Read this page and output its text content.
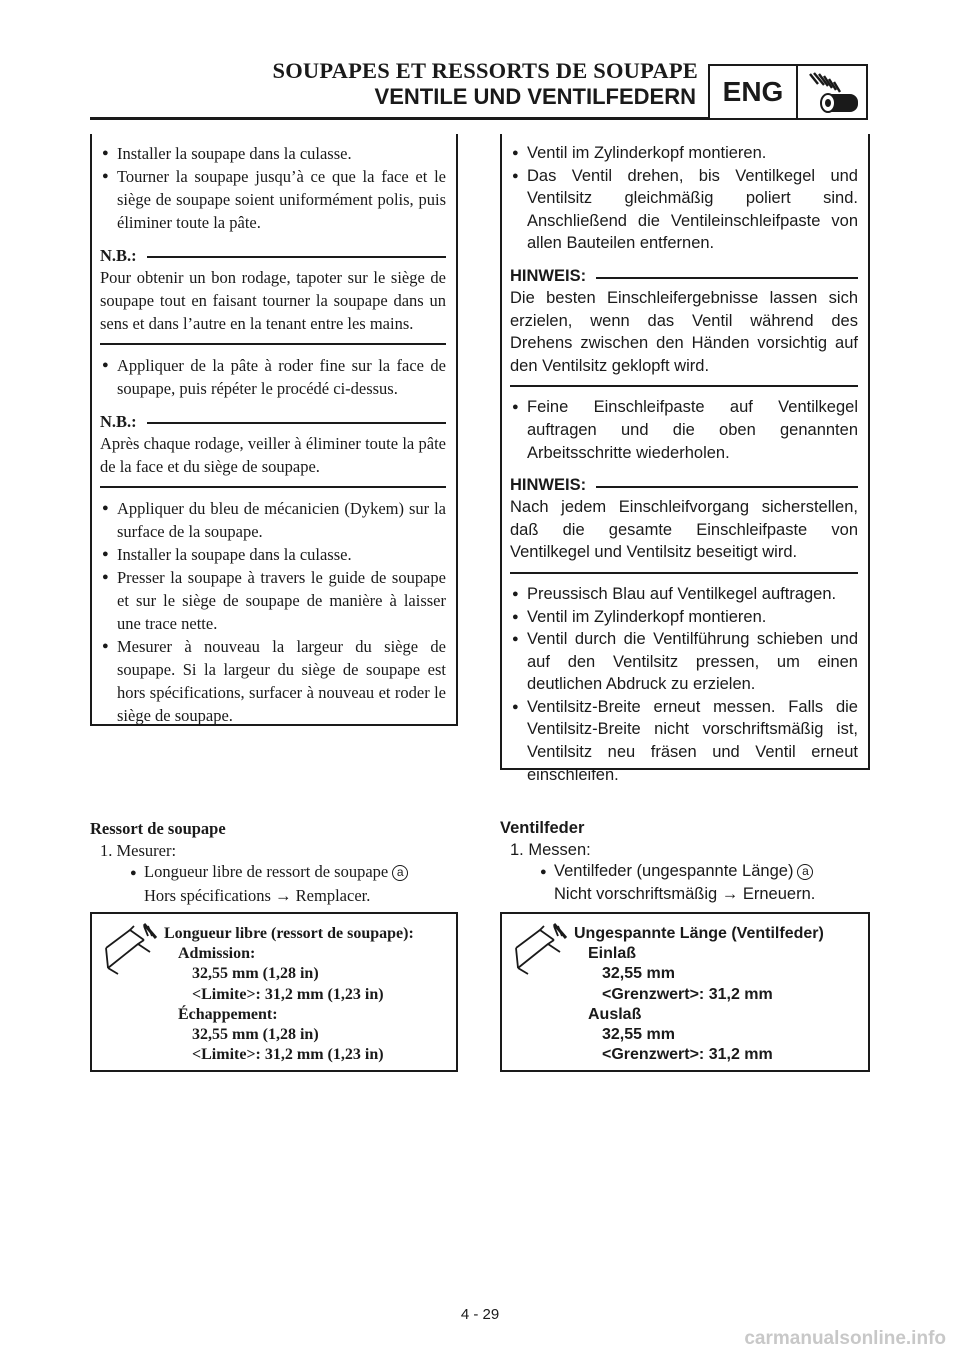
SOUPAPES ET RESSORTS DE SOUPAPE
VENTILE UND VENTILFEDERN ENG
● Installer la soupape dans la culasse.
● Tourner la soupape jusqu’à ce que la face et le siège de soupape soient uniformément polis, puis éliminer toute la pâte.
N.B.:
Pour obtenir un bon rodage, tapoter sur le siège de soupape tout en faisant tourner la soupape dans un sens et dans l’autre en la tenant entre les mains.
● Appliquer de la pâte à roder fine sur la face de soupape, puis répéter le procédé ci-dessus.
N.B.:
Après chaque rodage, veiller à éliminer toute la pâte de la face et du siège de soupape.
● Appliquer du bleu de mécanicien (Dykem) sur la surface de la soupape.
● Installer la soupape dans la culasse.
● Presser la soupape à travers le guide de soupape et sur le siège de soupape de manière à laisser une trace nette.
● Mesurer à nouveau la largeur du siège de soupape. Si la largeur du siège de soupape est hors spécifications, surfacer à nouveau et roder le siège de soupape.
● Ventil im Zylinderkopf montieren.
● Das Ventil drehen, bis Ventilkegel und Ventilsitz gleichmäßig poliert sind. Anschließend die Ventileinschleifpaste von allen Bauteilen entfernen.
HINWEIS:
Die besten Einschleifergebnisse lassen sich erzielen, wenn das Ventil während des Drehens zwischen den Händen vorsichtig auf den Ventilsitz geklopft wird.
● Feine Einschleifpaste auf Ventilkegel auftragen und die oben genannten Arbeitsschritte wiederholen.
HINWEIS:
Nach jedem Einschleifvorgang sicherstellen, daß die gesamte Einschleifpaste von Ventilkegel und Ventilsitz beseitigt wird.
● Preussisch Blau auf Ventilkegel auftragen.
● Ventil im Zylinderkopf montieren.
● Ventil durch die Ventilführung schieben und auf den Ventilsitz pressen, um einen deutlichen Abdruck zu erzielen.
● Ventilsitz-Breite erneut messen. Falls die Ventilsitz-Breite nicht vorschriftsmäßig ist, Ventilsitz neu fräsen und Ventil erneut einschleifen.
Ressort de soupape
1. Mesurer:
● Longueur libre de ressort de soupape a
Hors spécifications → Remplacer.
Ventilfeder
1. Messen:
● Ventilfeder (ungespannte Länge) a
Nicht vorschriftsmäßig → Erneuern.
Longueur libre (ressort de soupape):
Admission:
32,55 mm (1,28 in)
<Limite>: 31,2 mm (1,23 in)
Échappement:
32,55 mm (1,28 in)
<Limite>: 31,2 mm (1,23 in)
Ungespannte Länge (Ventilfeder)
Einlaß
32,55 mm
<Grenzwert>: 31,2 mm
Auslaß
32,55 mm
<Grenzwert>: 31,2 mm
4 - 29
carmanualsonline.info
